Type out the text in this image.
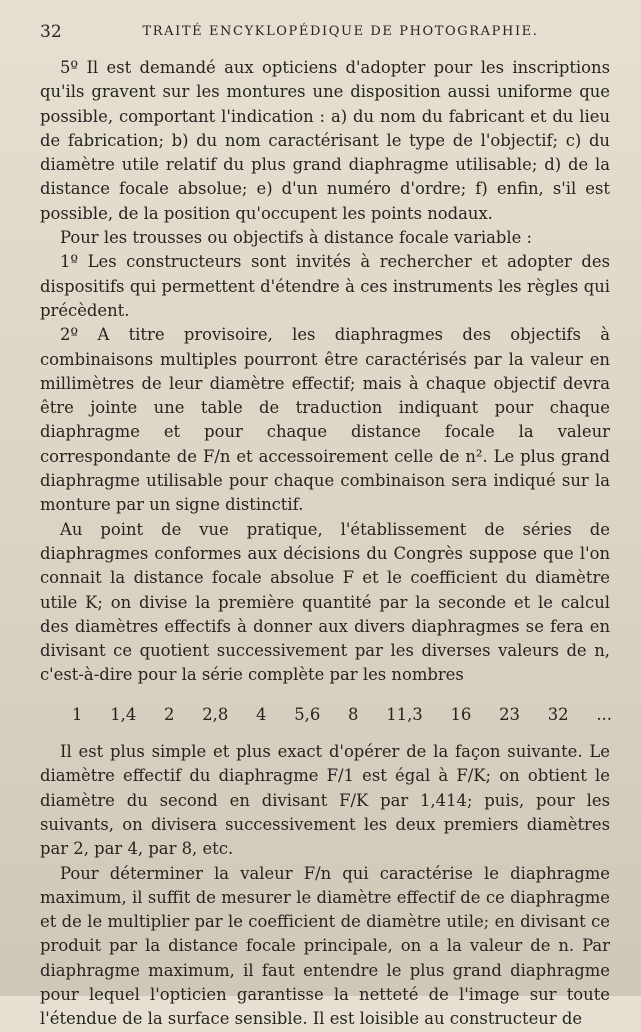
32	TRAITÉ ENCYKLOPÉDIQUE DE PHOTOGRAPHIE.

5º Il est demandé aux opticiens d'adopter pour les inscriptions qu'ils gravent sur les montures une disposition aussi uniforme que possible, comportant l'indication : a) du nom du fabricant et du lieu de fabrication; b) du nom caractérisant le type de l'objectif; c) du diamètre utile relatif du plus grand diaphragme utilisable; d) de la distance focale absolue; e) d'un numéro d'ordre; f) enfin, s'il est possible, de la position qu'occupent les points nodaux.

Pour les trousses ou objectifs à distance focale variable :

1º Les constructeurs sont invités à rechercher et adopter des dispositifs qui permettent d'étendre à ces instruments les règles qui précèdent.

2º A titre provisoire, les diaphragmes des objectifs à combinaisons multiples pourront être caractérisés par la valeur en millimètres de leur diamètre effectif; mais à chaque objectif devra être jointe une table de traduction indiquant pour chaque diaphragme et pour chaque distance focale la valeur correspondante de F/n et accessoirement celle de n². Le plus grand diaphragme utilisable pour chaque combinaison sera indiqué sur la monture par un signe distinctif.

Au point de vue pratique, l'établissement de séries de diaphragmes conformes aux décisions du Congrès suppose que l'on connait la distance focale absolue F et le coefficient du diamètre utile K; on divise la première quantité par la seconde et le calcul des diamètres effectifs à donner aux divers diaphragmes se fera en divisant ce quotient successivement par les diverses valeurs de n, c'est-à-dire pour la série complète par les nombres

1 1,4 2 2,8 4 5,6 8 11,3 16 23 32 ...

Il est plus simple et plus exact d'opérer de la façon suivante. Le diamètre effectif du diaphragme F/1 est égal à F/K; on obtient le diamètre du second en divisant F/K par 1,414; puis, pour les suivants, on divisera successivement les deux premiers diamètres par 2, par 4, par 8, etc.

Pour déterminer la valeur F/n qui caractérise le diaphragme maximum, il suffit de mesurer le diamètre effectif de ce diaphragme et de le multiplier par le coefficient de diamètre utile; en divisant ce produit par la distance focale principale, on a la valeur de n. Par diaphragme maximum, il faut entendre le plus grand diaphragme pour lequel l'opticien garantisse la netteté de l'image sur toute l'étendue de la surface sensible. Il est loisible au constructeur de
